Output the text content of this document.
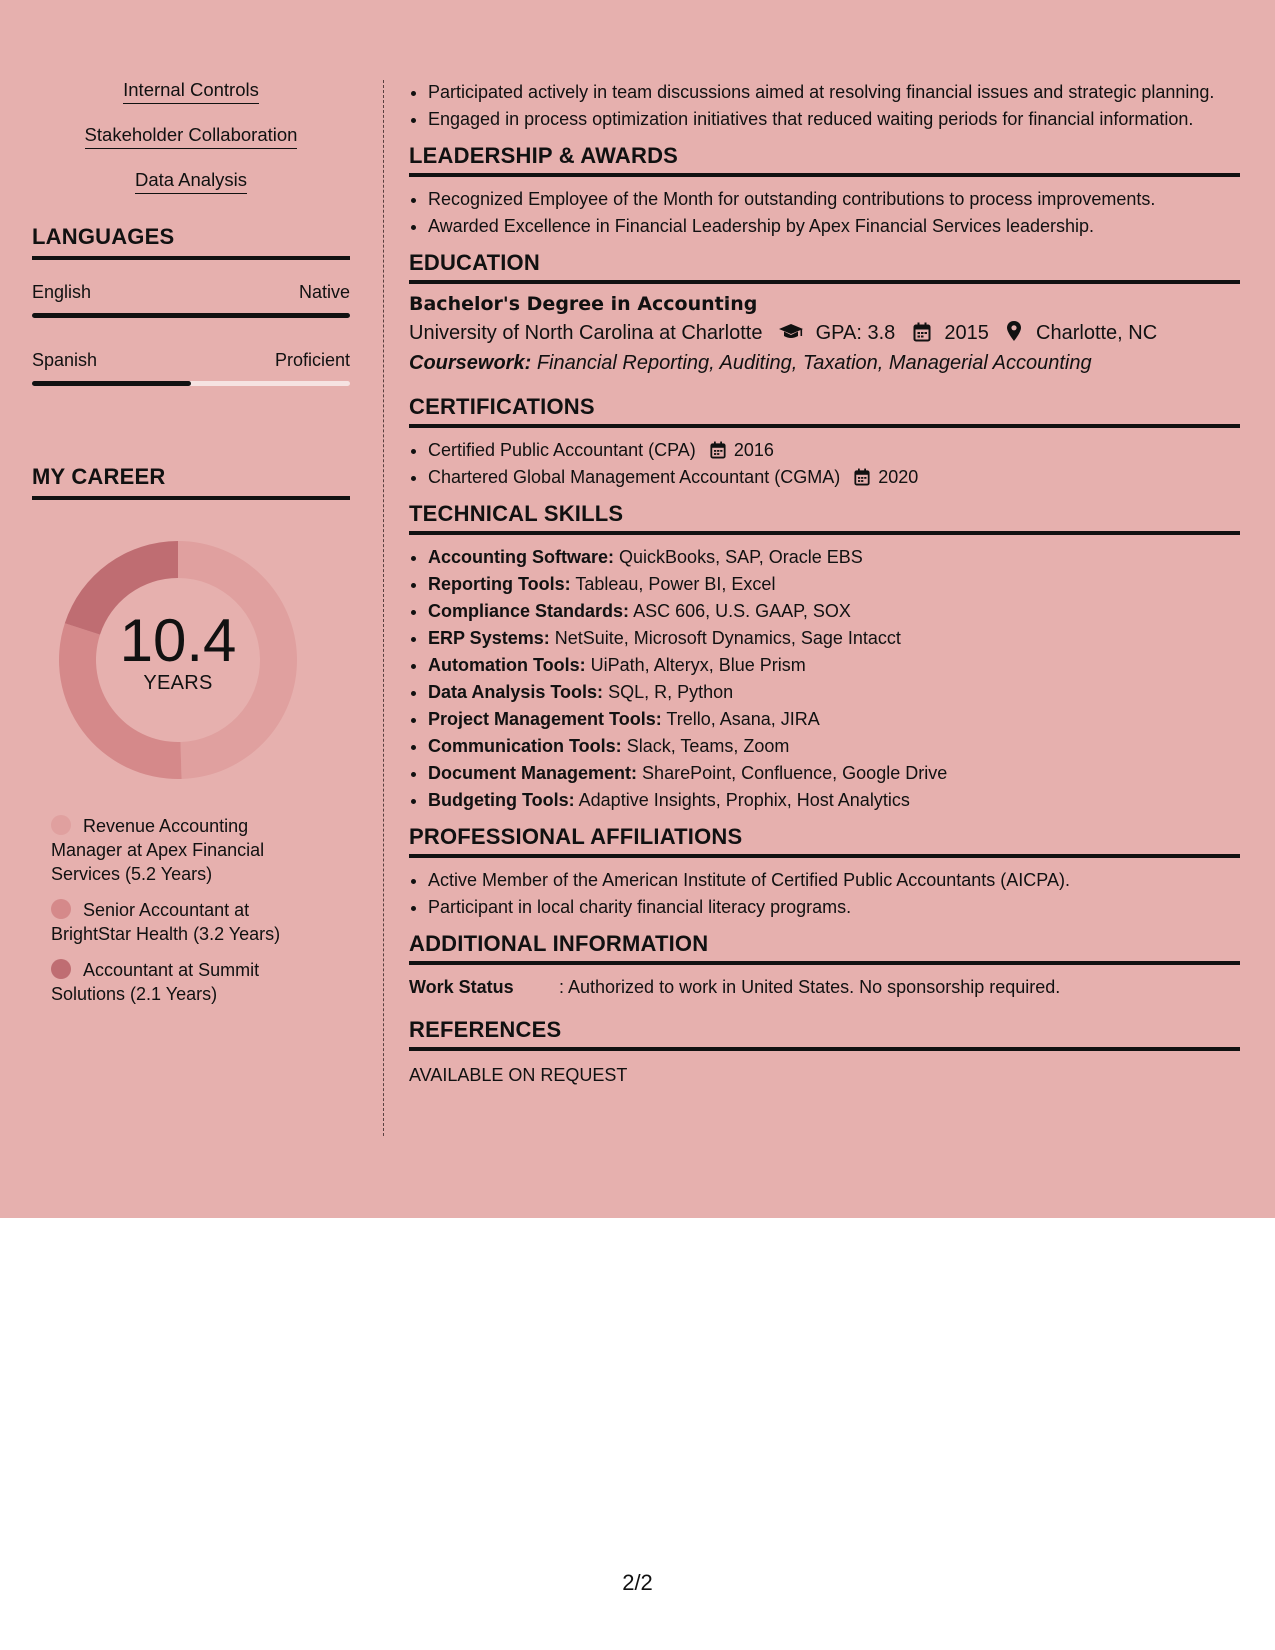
Internal Controls
Stakeholder Collaboration
Data Analysis
LANGUAGES
English	Native
Spanish	Proficient
MY CAREER
10.4
YEARS
Revenue Accounting Manager at Apex Financial Services (5.2 Years)
Senior Accountant at BrightStar Health (3.2 Years)
Accountant at Summit Solutions (2.1 Years)
• Participated actively in team discussions aimed at resolving financial issues and strategic planning.
• Engaged in process optimization initiatives that reduced waiting periods for financial information.
LEADERSHIP & AWARDS
• Recognized Employee of the Month for outstanding contributions to process improvements.
• Awarded Excellence in Financial Leadership by Apex Financial Services leadership.
EDUCATION
Bachelor's Degree in Accounting
University of North Carolina at Charlotte	GPA: 3.8 2015 Charlotte, NC
Coursework: Financial Reporting, Auditing, Taxation, Managerial Accounting
CERTIFICATIONS
• Certified Public Accountant (CPA) 2016
• Chartered Global Management Accountant (CGMA) 2020
TECHNICAL SKILLS
• Accounting Software: QuickBooks, SAP, Oracle EBS
• Reporting Tools: Tableau, Power BI, Excel
• Compliance Standards: ASC 606, U.S. GAAP, SOX
• ERP Systems: NetSuite, Microsoft Dynamics, Sage Intacct
• Automation Tools: UiPath, Alteryx, Blue Prism
• Data Analysis Tools: SQL, R, Python
• Project Management Tools: Trello, Asana, JIRA
• Communication Tools: Slack, Teams, Zoom
• Document Management: SharePoint, Confluence, Google Drive
• Budgeting Tools: Adaptive Insights, Prophix, Host Analytics
PROFESSIONAL AFFILIATIONS
• Active Member of the American Institute of Certified Public Accountants (AICPA).
• Participant in local charity financial literacy programs.
ADDITIONAL INFORMATION
Work Status	: Authorized to work in United States. No sponsorship required.
REFERENCES
AVAILABLE ON REQUEST
2/2
